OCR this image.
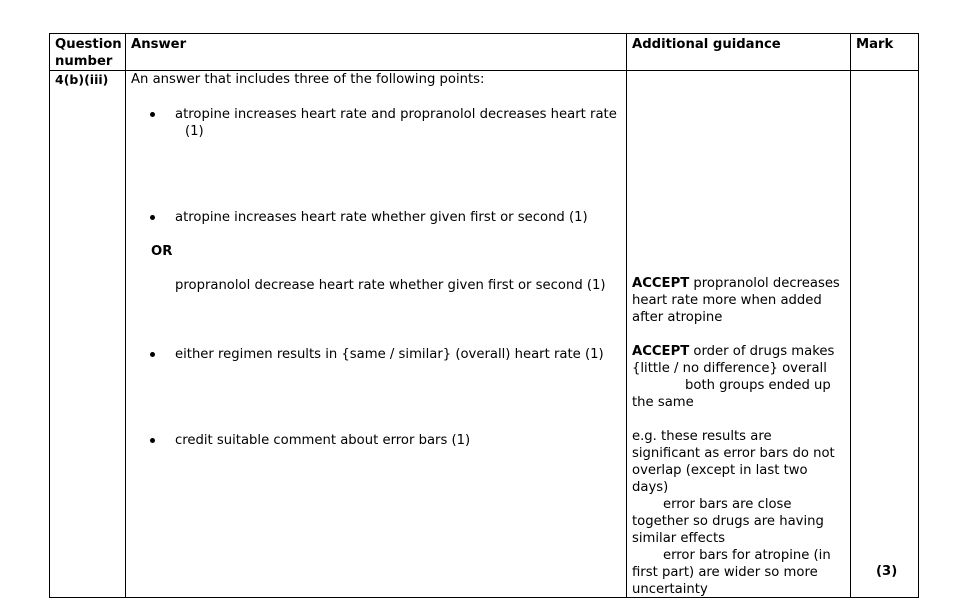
Question
number
Answer	Additional guidance	Mark
4(b)(iii) An answer that includes three of the following points:
atropine increases heart rate and propranolol decreases heart rate
(1)
atropine increases heart rate whether given first or second (1)
OR
propranolol decrease heart rate whether given first or second (1)
either regimen results in {same / similar} (overall) heart rate (1)
credit suitable comment about error bars (1)
ACCEPT propranolol decreases
heart rate more when added
after atropine
ACCEPT order of drugs makes
{little / no difference} overall
both groups ended up
the same
e.g. these results are
significant as error bars do not
overlap (except in last two
days)
error bars are close
together so drugs are having
similar effects
error bars for atropine (in
first part) are wider so more
uncertainty
(3)
